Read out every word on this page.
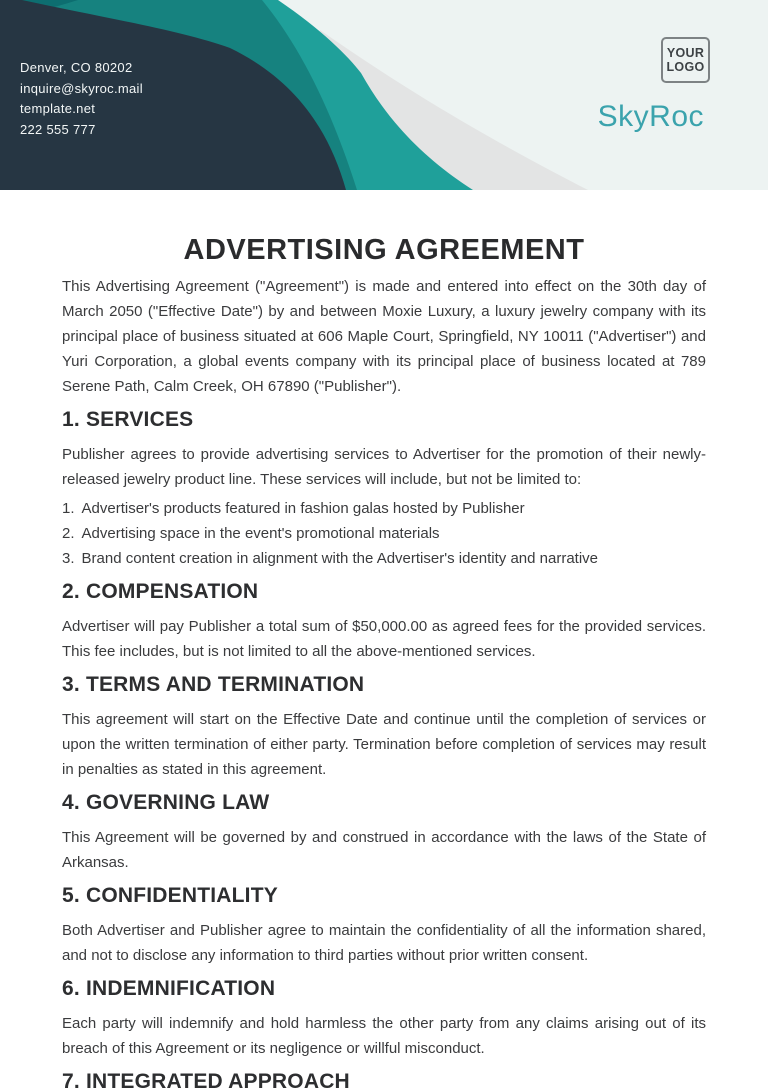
Denver, CO 80202
inquire@skyroc.mail
template.net
222 555 777
YOUR
LOGO
SkyRoc
ADVERTISING AGREEMENT

This Advertising Agreement ("Agreement") is made and entered into effect on the 30th day of March 2050 ("Effective Date") by and between Moxie Luxury, a luxury jewelry company with its principal place of business situated at 606 Maple Court, Springfield, NY 10011 ("Advertiser") and Yuri Corporation, a global events company with its principal place of business located at 789 Serene Path, Calm Creek, OH 67890 ("Publisher").

1. SERVICES

Publisher agrees to provide advertising services to Advertiser for the promotion of their newly-released jewelry product line. These services will include, but not be limited to:

1. Advertiser's products featured in fashion galas hosted by Publisher
2. Advertising space in the event's promotional materials
3. Brand content creation in alignment with the Advertiser's identity and narrative
2. COMPENSATION

Advertiser will pay Publisher a total sum of $50,000.00 as agreed fees for the provided services. This fee includes, but is not limited to all the above-mentioned services.

3. TERMS AND TERMINATION

This agreement will start on the Effective Date and continue until the completion of services or upon the written termination of either party. Termination before completion of services may result in penalties as stated in this agreement.

4. GOVERNING LAW

This Agreement will be governed by and construed in accordance with the laws of the State of Arkansas.

5. CONFIDENTIALITY

Both Advertiser and Publisher agree to maintain the confidentiality of all the information shared, and not to disclose any information to third parties without prior written consent.

6. INDEMNIFICATION

Each party will indemnify and hold harmless the other party from any claims arising out of its breach of this Agreement or its negligence or willful misconduct.

7. INTEGRATED APPROACH
